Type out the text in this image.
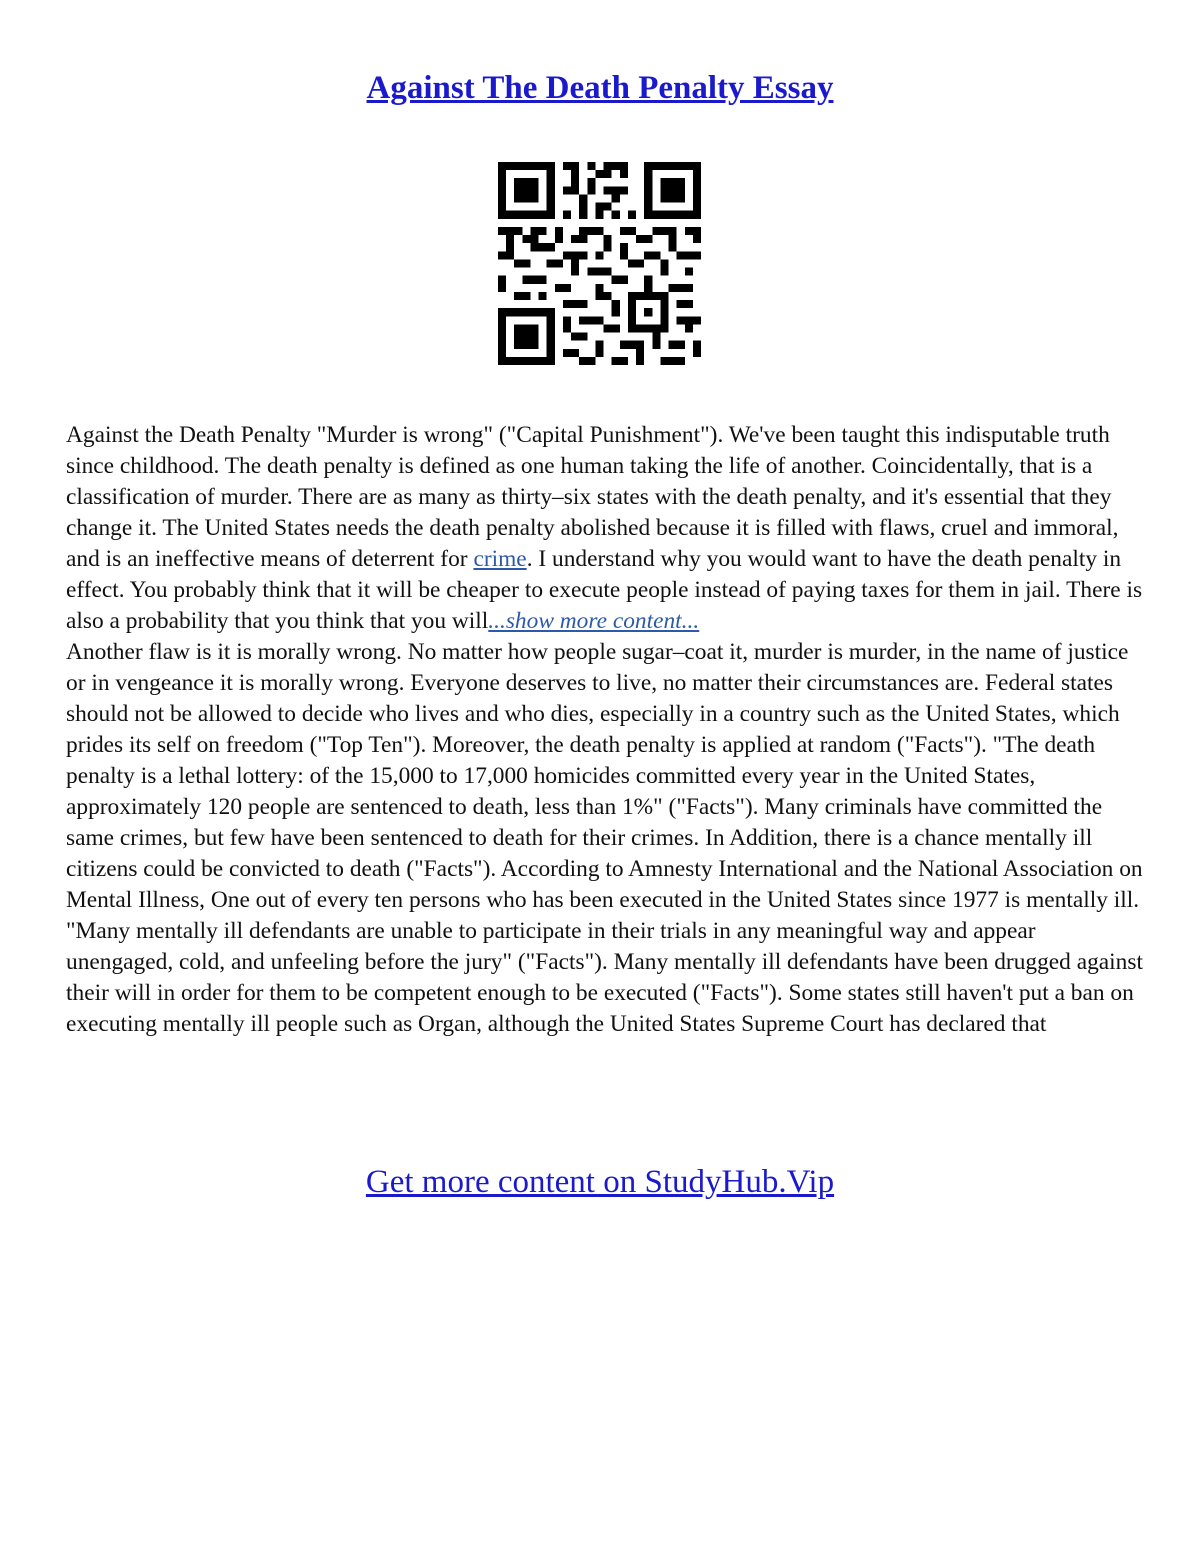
Against The Death Penalty Essay

Against the Death Penalty "Murder is wrong" ("Capital Punishment"). We've been taught this indisputable truth since childhood. The death penalty is defined as one human taking the life of another. Coincidentally, that is a classification of murder. There are as many as thirty–six states with the death penalty, and it's essential that they change it. The United States needs the death penalty abolished because it is filled with flaws, cruel and immoral, and is an ineffective means of deterrent for crime. I understand why you would want to have the death penalty in effect. You probably think that it will be cheaper to execute people instead of paying taxes for them in jail. There is also a probability that you think that you will...show more content...

Another flaw is it is morally wrong. No matter how people sugar–coat it, murder is murder, in the name of justice or in vengeance it is morally wrong. Everyone deserves to live, no matter their circumstances are. Federal states should not be allowed to decide who lives and who dies, especially in a country such as the United States, which prides its self on freedom ("Top Ten"). Moreover, the death penalty is applied at random ("Facts"). "The death penalty is a lethal lottery: of the 15,000 to 17,000 homicides committed every year in the United States, approximately 120 people are sentenced to death, less than 1%" ("Facts"). Many criminals have committed the same crimes, but few have been sentenced to death for their crimes. In Addition, there is a chance mentally ill citizens could be convicted to death ("Facts"). According to Amnesty International and the National Association on Mental Illness, One out of every ten persons who has been executed in the United States since 1977 is mentally ill. "Many mentally ill defendants are unable to participate in their trials in any meaningful way and appear unengaged, cold, and unfeeling before the jury" ("Facts"). Many mentally ill defendants have been drugged against their will in order for them to be competent enough to be executed ("Facts"). Some states still haven't put a ban on executing mentally ill people such as Organ, although the United States Supreme Court has declared that

Get more content on StudyHub.Vip
